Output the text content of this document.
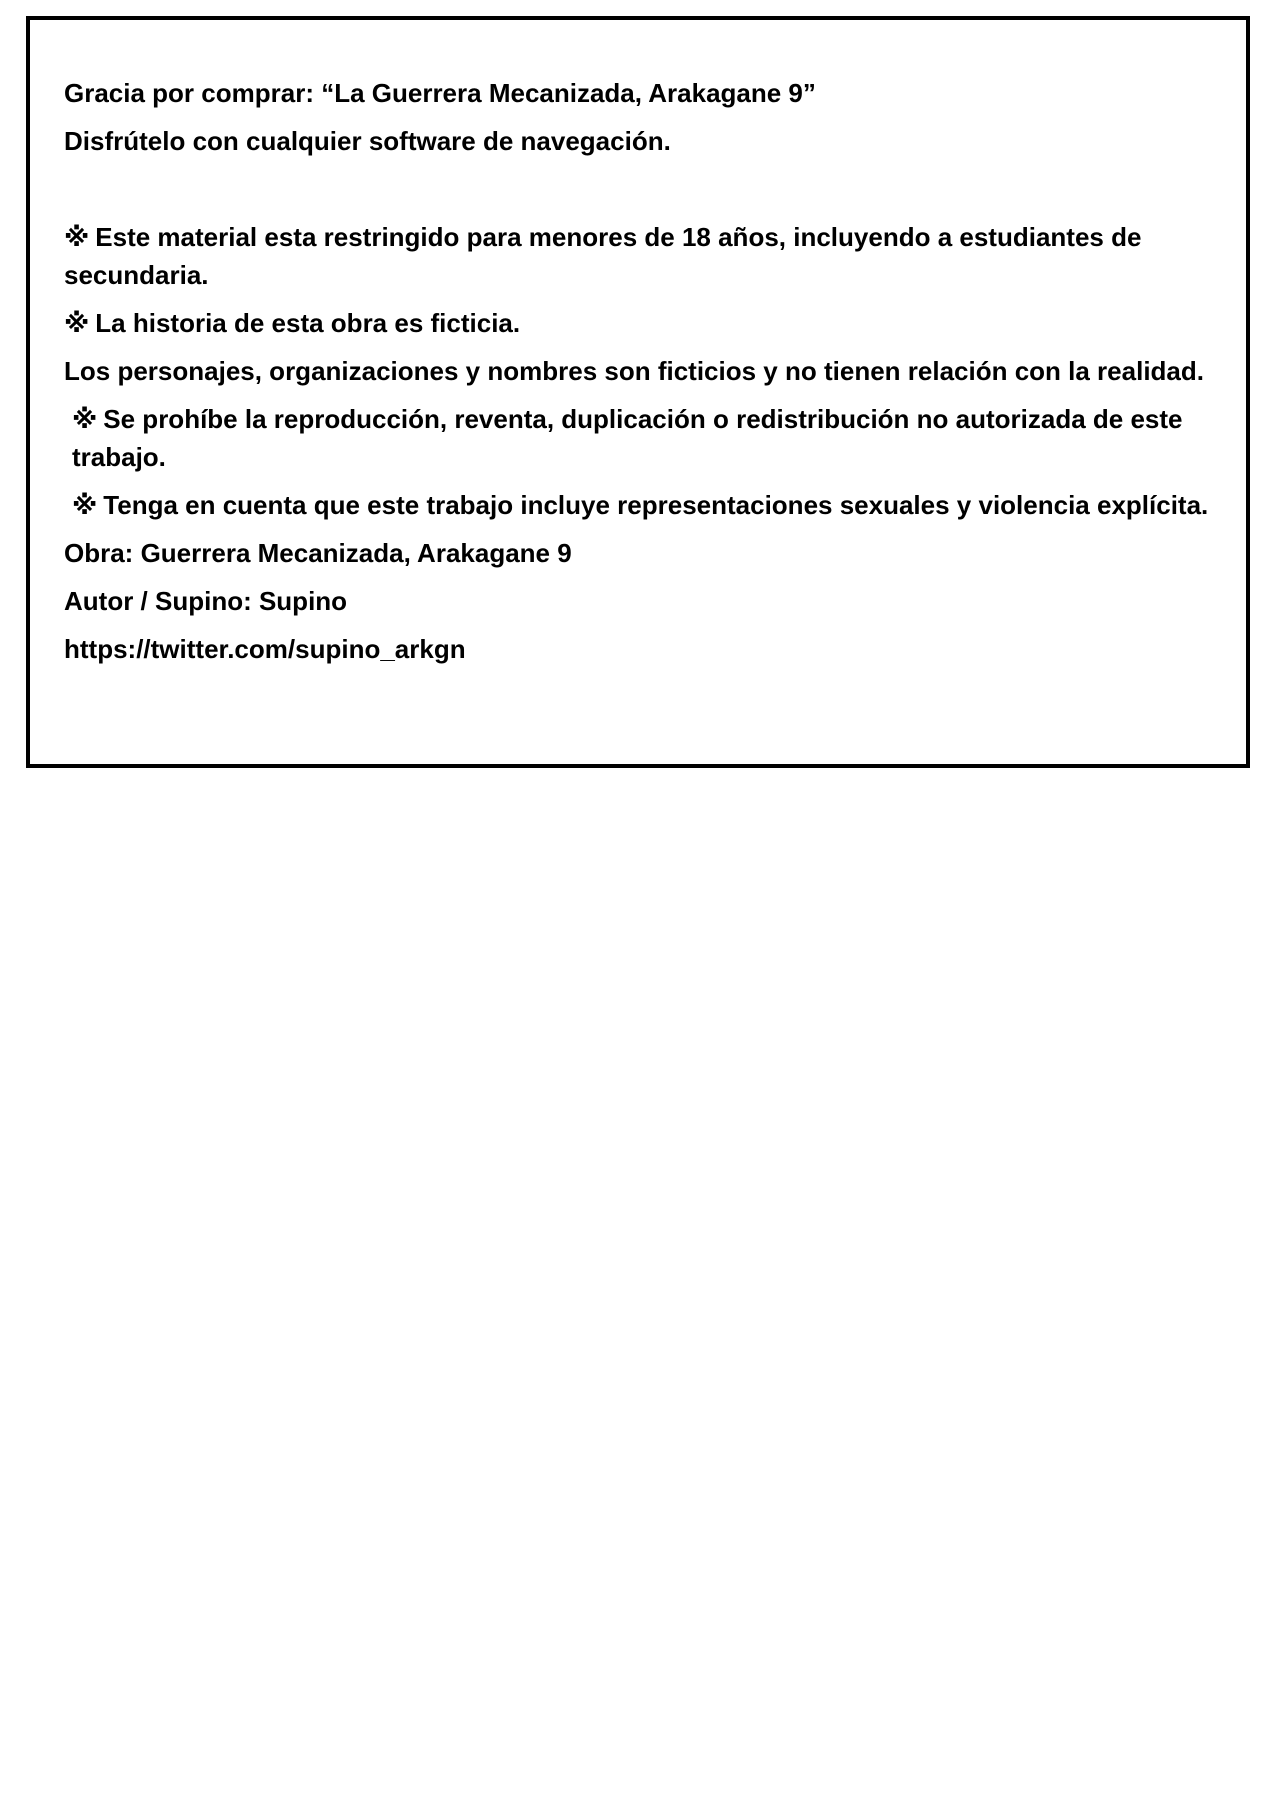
Gracia por comprar: “La Guerrera Mecanizada, Arakagane 9”
Disfrútelo con cualquier software de navegación.
※ Este material esta restringido para menores de 18 años, incluyendo a estudiantes de secundaria.
※ La historia de esta obra es ficticia.
Los personajes, organizaciones y nombres son ficticios y no tienen relación con la realidad.
※ Se prohíbe la reproducción, reventa, duplicación o redistribución no autorizada de este trabajo.
※ Tenga en cuenta que este trabajo incluye representaciones sexuales y violencia explícita.
Obra: Guerrera Mecanizada, Arakagane 9
Autor / Supino: Supino
https://twitter.com/supino_arkgn
